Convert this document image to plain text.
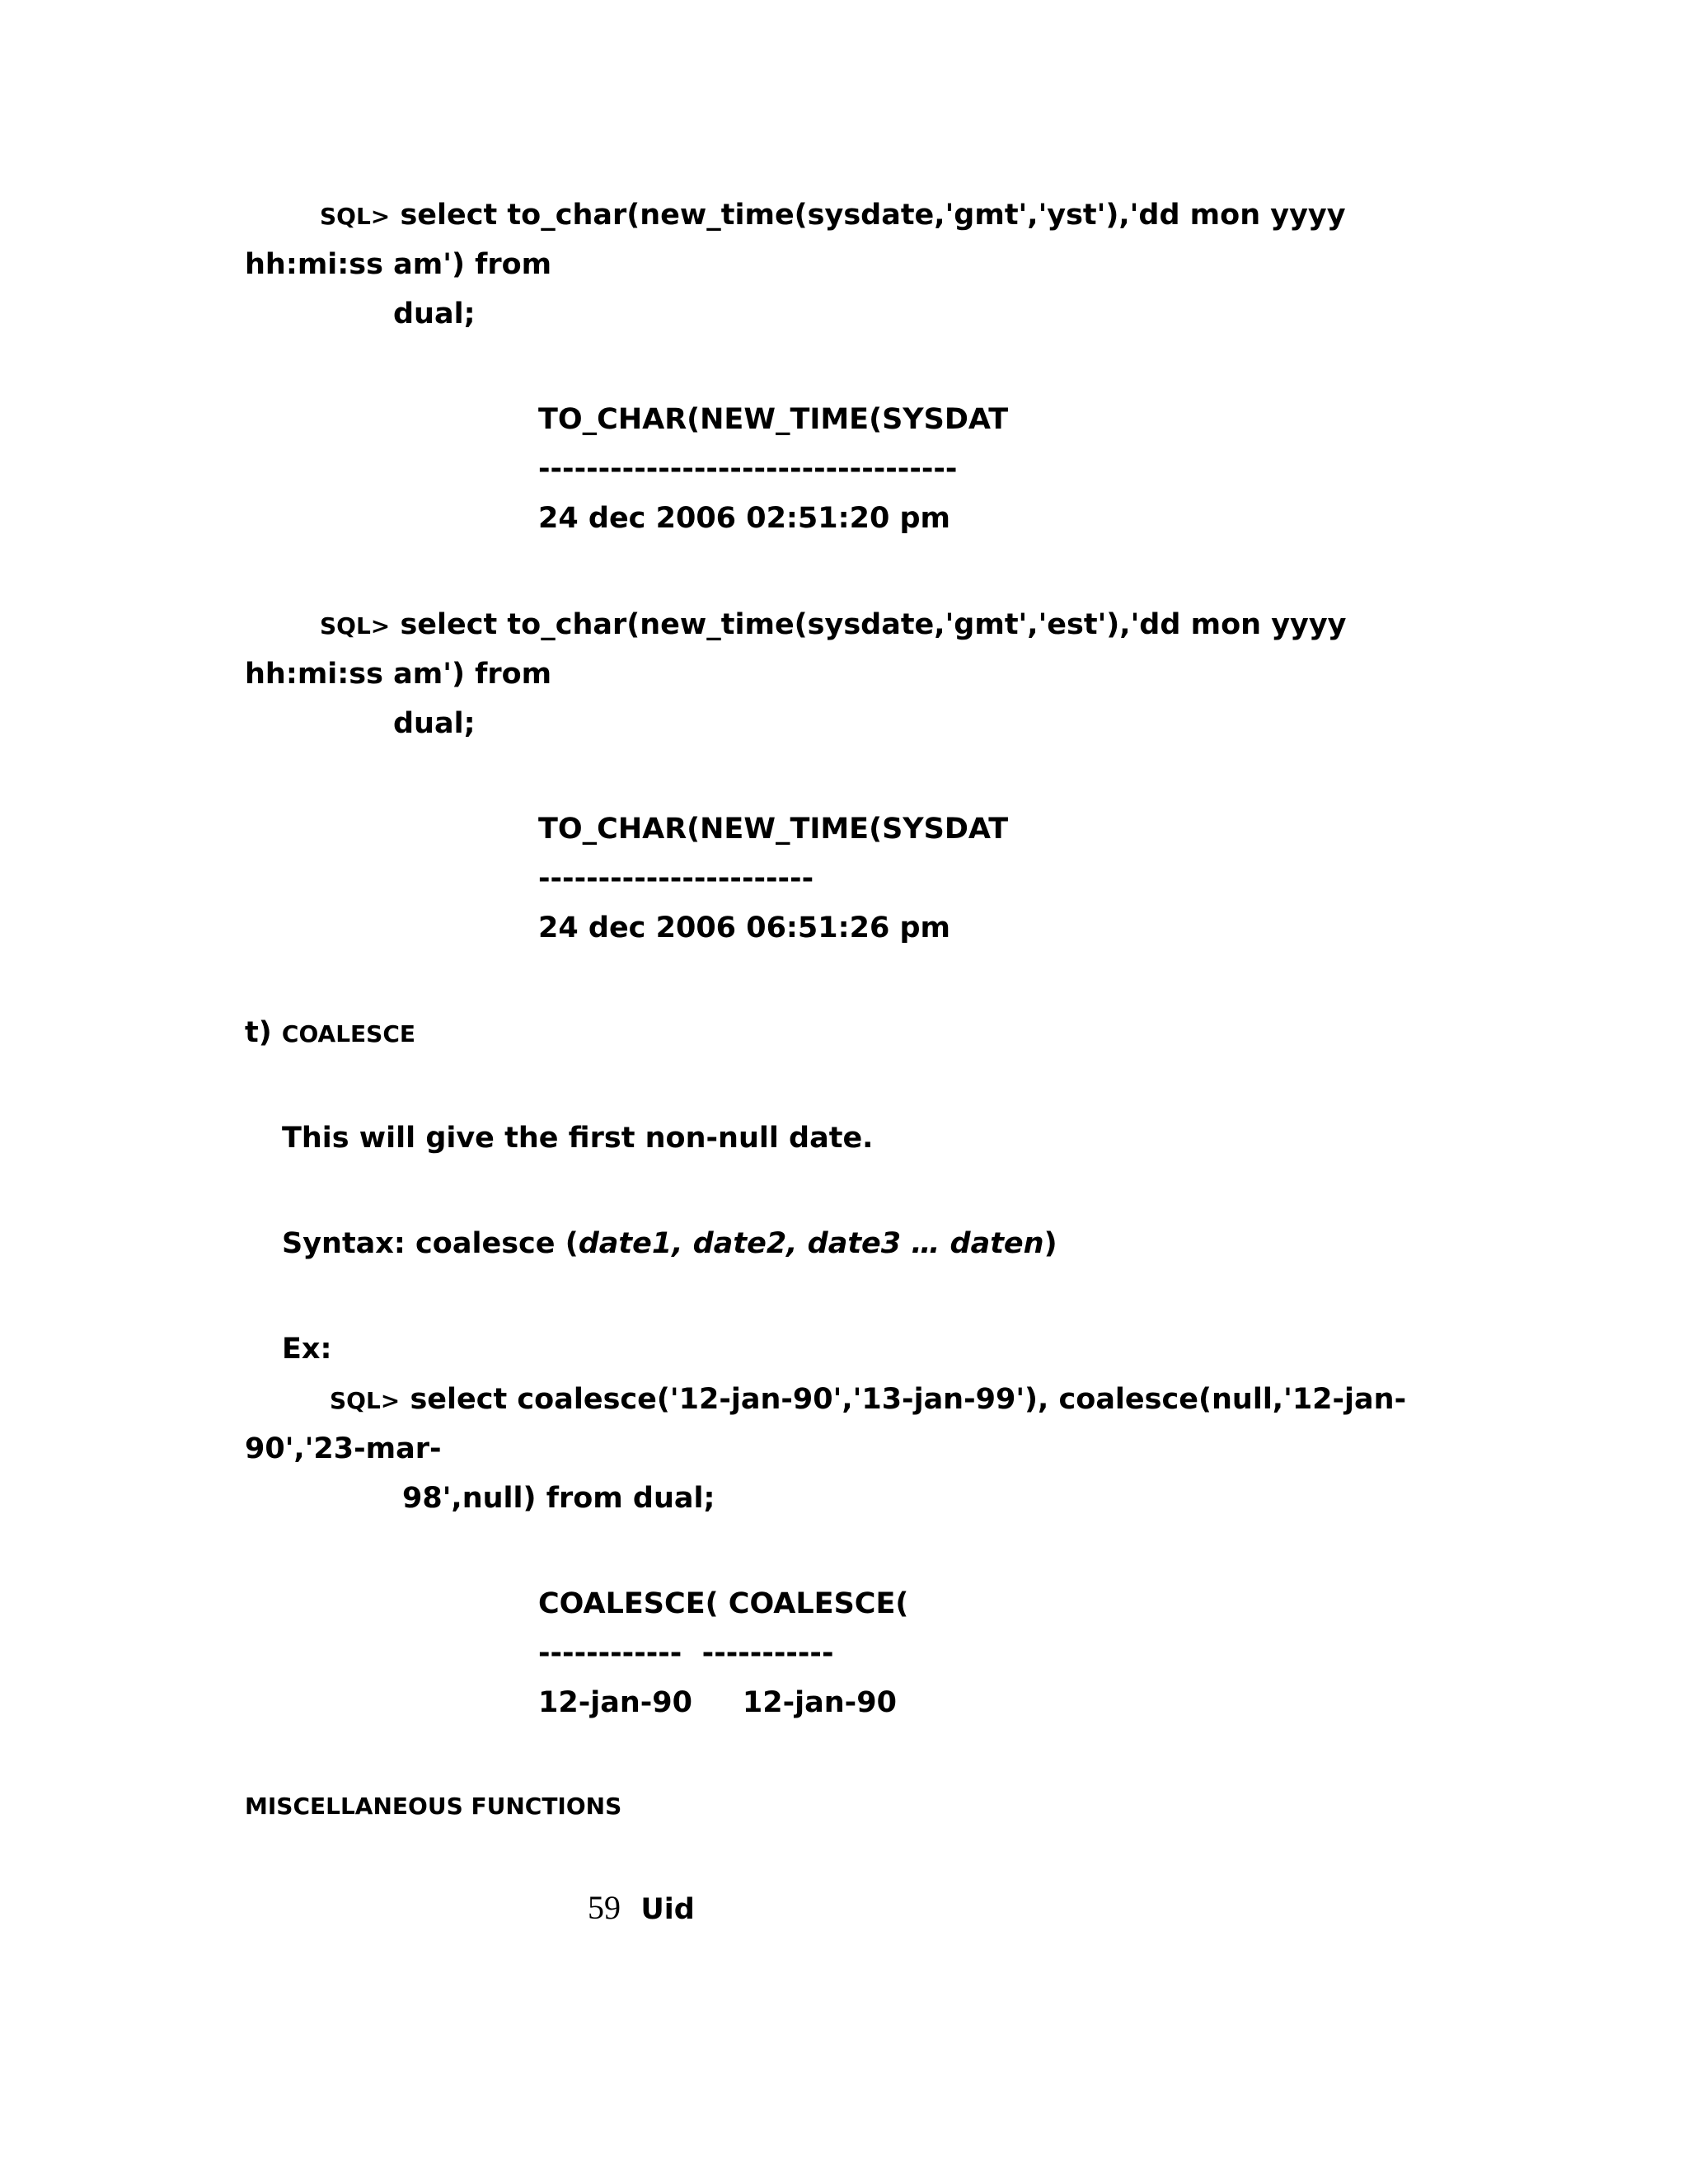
SQL> select to_char(new_time(sysdate,'gmt','yst'),'dd mon yyyy
hh:mi:ss am') from
dual;
TO_CHAR(NEW_TIME(SYSDAT
-----------------------------------
24 dec 2006 02:51:20 pm
SQL> select to_char(new_time(sysdate,'gmt','est'),'dd mon yyyy
hh:mi:ss am') from
dual;
TO_CHAR(NEW_TIME(SYSDAT
-----------------------
24 dec 2006 06:51:26 pm
t) COALESCE
This will give the first non-null date.
Syntax: coalesce (date1, date2, date3 … daten)
Ex:
SQL> select coalesce('12-jan-90','13-jan-99'), coalesce(null,'12-jan-
90','23-mar-
98',null) from dual;
COALESCE( COALESCE(
------------  -----------
12-jan-90     12-jan-90
MISCELLANEOUS FUNCTIONS
59 Uid
